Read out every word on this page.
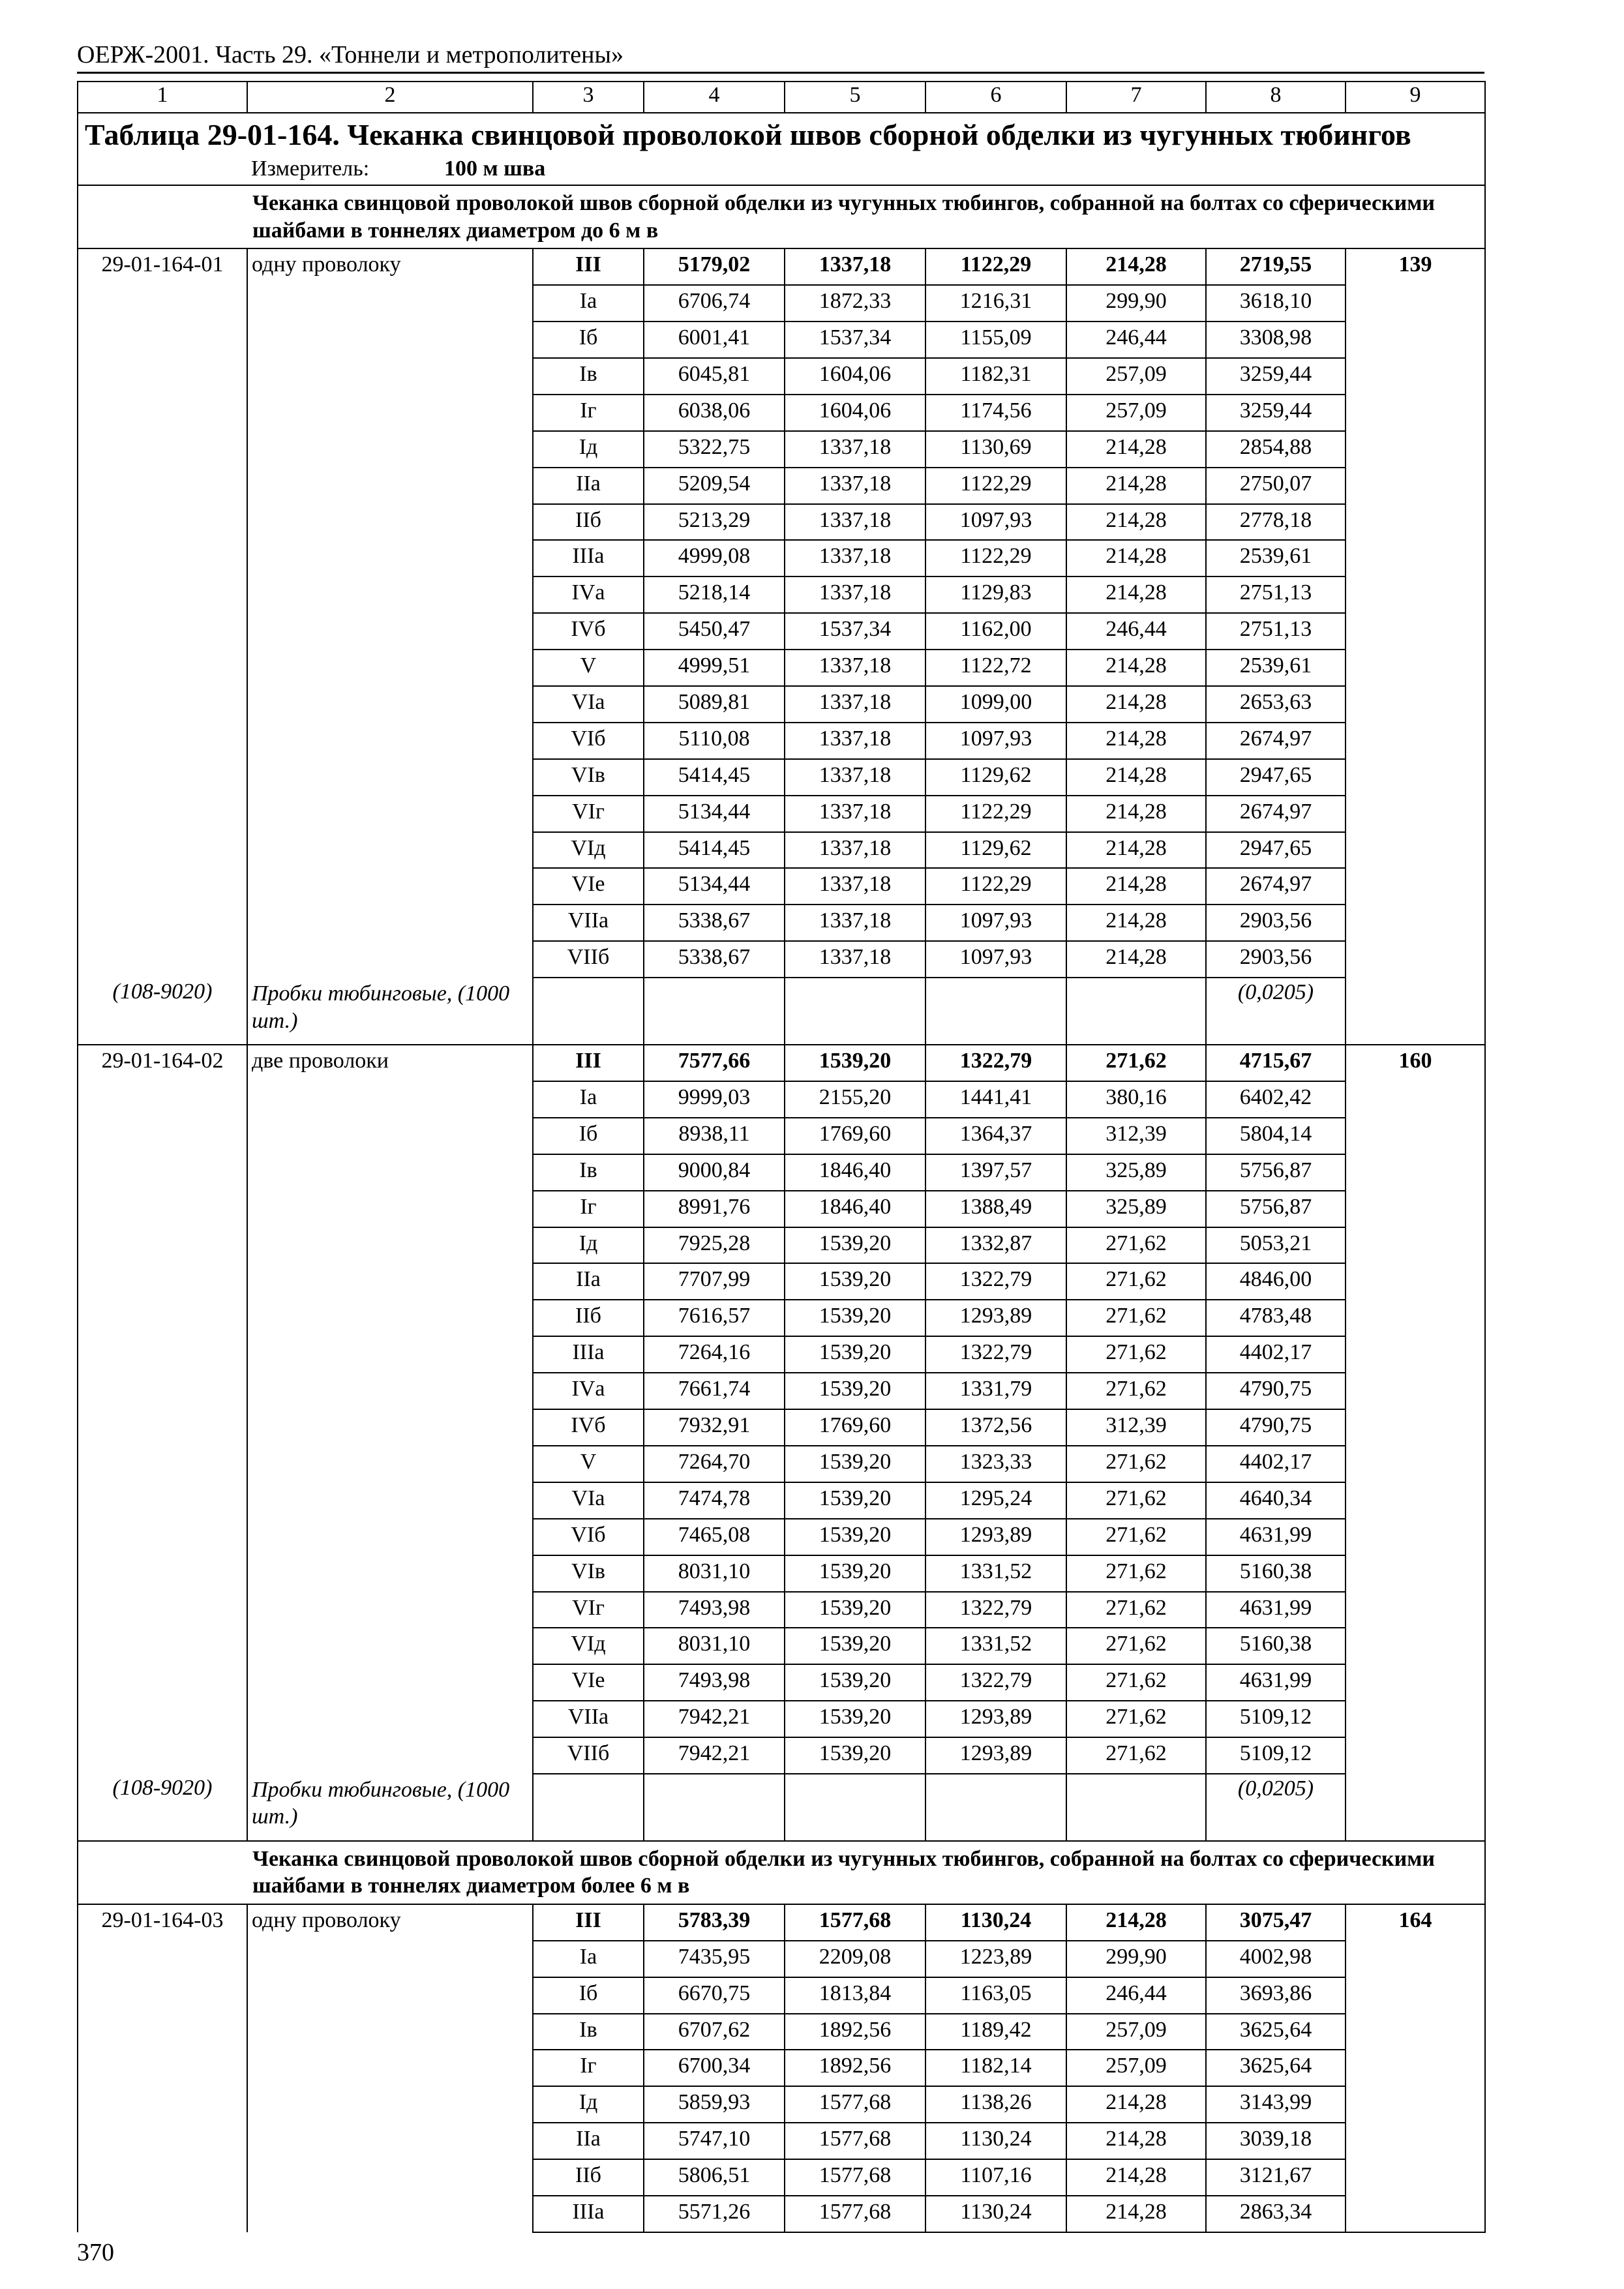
ОЕРЖ-2001. Часть 29. «Тоннели и метрополитены»
1	2	3	4	5	6	7	8	9
Таблица 29-01-164. Чеканка свинцовой проволокой швов сборной обделки из чугунных тюбингов								
	Измеритель: 100 м шва							
	Чеканка свинцовой проволокой швов сборной обделки из чугунных тюбингов, собранной на болтах со сферическими шайбами в тоннелях диаметром до 6 м в							
29-01-164-01	одну проволоку	III	5179,02	1337,18	1122,29	214,28	2719,55	139
		Iа	6706,74	1872,33	1216,31	299,90	3618,10	
		Iб	6001,41	1537,34	1155,09	246,44	3308,98	
		Iв	6045,81	1604,06	1182,31	257,09	3259,44	
		Iг	6038,06	1604,06	1174,56	257,09	3259,44	
		Iд	5322,75	1337,18	1130,69	214,28	2854,88	
		IIа	5209,54	1337,18	1122,29	214,28	2750,07	
		IIб	5213,29	1337,18	1097,93	214,28	2778,18	
		IIIа	4999,08	1337,18	1122,29	214,28	2539,61	
		IVа	5218,14	1337,18	1129,83	214,28	2751,13	
		IVб	5450,47	1537,34	1162,00	246,44	2751,13	
		V	4999,51	1337,18	1122,72	214,28	2539,61	
		VIа	5089,81	1337,18	1099,00	214,28	2653,63	
		VIб	5110,08	1337,18	1097,93	214,28	2674,97	
		VIв	5414,45	1337,18	1129,62	214,28	2947,65	
		VIг	5134,44	1337,18	1122,29	214,28	2674,97	
		VIд	5414,45	1337,18	1129,62	214,28	2947,65	
		VIе	5134,44	1337,18	1122,29	214,28	2674,97	
		VIIа	5338,67	1337,18	1097,93	214,28	2903,56	
		VIIб	5338,67	1337,18	1097,93	214,28	2903,56	
(108-9020)	Пробки тюбинговые, (1000 шт.)						(0,0205)	
29-01-164-02	две проволоки	III	7577,66	1539,20	1322,79	271,62	4715,67	160
		Iа	9999,03	2155,20	1441,41	380,16	6402,42	
		Iб	8938,11	1769,60	1364,37	312,39	5804,14	
		Iв	9000,84	1846,40	1397,57	325,89	5756,87	
		Iг	8991,76	1846,40	1388,49	325,89	5756,87	
		Iд	7925,28	1539,20	1332,87	271,62	5053,21	
		IIа	7707,99	1539,20	1322,79	271,62	4846,00	
		IIб	7616,57	1539,20	1293,89	271,62	4783,48	
		IIIа	7264,16	1539,20	1322,79	271,62	4402,17	
		IVа	7661,74	1539,20	1331,79	271,62	4790,75	
		IVб	7932,91	1769,60	1372,56	312,39	4790,75	
		V	7264,70	1539,20	1323,33	271,62	4402,17	
		VIа	7474,78	1539,20	1295,24	271,62	4640,34	
		VIб	7465,08	1539,20	1293,89	271,62	4631,99	
		VIв	8031,10	1539,20	1331,52	271,62	5160,38	
		VIг	7493,98	1539,20	1322,79	271,62	4631,99	
		VIд	8031,10	1539,20	1331,52	271,62	5160,38	
		VIе	7493,98	1539,20	1322,79	271,62	4631,99	
		VIIа	7942,21	1539,20	1293,89	271,62	5109,12	
		VIIб	7942,21	1539,20	1293,89	271,62	5109,12	
(108-9020)	Пробки тюбинговые, (1000 шт.)						(0,0205)	
	Чеканка свинцовой проволокой швов сборной обделки из чугунных тюбингов, собранной на болтах со сферическими шайбами в тоннелях диаметром более 6 м в							
29-01-164-03	одну проволоку	III	5783,39	1577,68	1130,24	214,28	3075,47	164
		Iа	7435,95	2209,08	1223,89	299,90	4002,98	
		Iб	6670,75	1813,84	1163,05	246,44	3693,86	
		Iв	6707,62	1892,56	1189,42	257,09	3625,64	
		Iг	6700,34	1892,56	1182,14	257,09	3625,64	
		Iд	5859,93	1577,68	1138,26	214,28	3143,99	
		IIа	5747,10	1577,68	1130,24	214,28	3039,18	
		IIб	5806,51	1577,68	1107,16	214,28	3121,67	
		IIIа	5571,26	1577,68	1130,24	214,28	2863,34	
370
